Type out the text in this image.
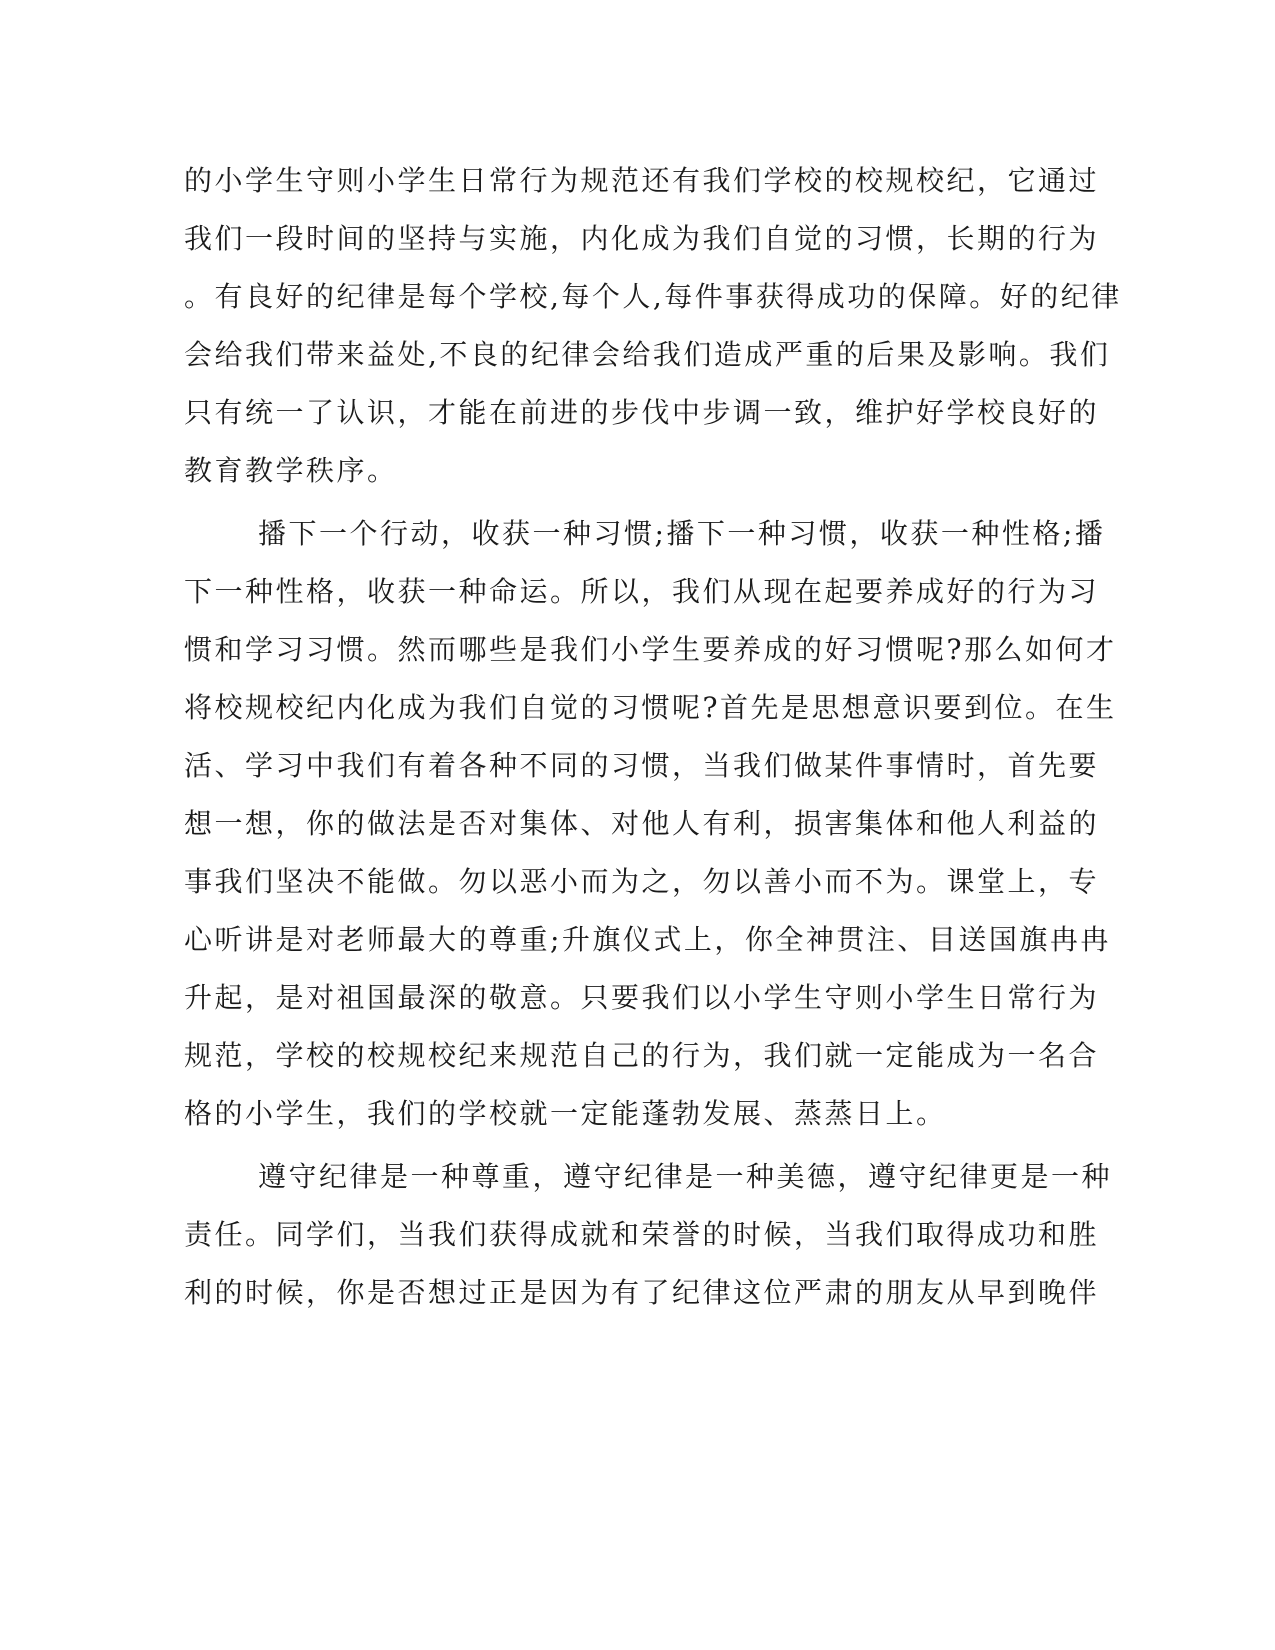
的小学生守则小学生日常行为规范还有我们学校的校规校纪，它通过
我们一段时间的坚持与实施，内化成为我们自觉的习惯，长期的行为
。有良好的纪律是每个学校,每个人,每件事获得成功的保障。好的纪律
会给我们带来益处,不良的纪律会给我们造成严重的后果及影响。我们
只有统一了认识，才能在前进的步伐中步调一致，维护好学校良好的
教育教学秩序。
播下一个行动，收获一种习惯;播下一种习惯，收获一种性格;播
下一种性格，收获一种命运。所以，我们从现在起要养成好的行为习
惯和学习习惯。然而哪些是我们小学生要养成的好习惯呢?那么如何才
将校规校纪内化成为我们自觉的习惯呢?首先是思想意识要到位。在生
活、学习中我们有着各种不同的习惯，当我们做某件事情时，首先要
想一想，你的做法是否对集体、对他人有利，损害集体和他人利益的
事我们坚决不能做。勿以恶小而为之，勿以善小而不为。课堂上，专
心听讲是对老师最大的尊重;升旗仪式上，你全神贯注、目送国旗冉冉
升起，是对祖国最深的敬意。只要我们以小学生守则小学生日常行为
规范，学校的校规校纪来规范自己的行为，我们就一定能成为一名合
格的小学生，我们的学校就一定能蓬勃发展、蒸蒸日上。
遵守纪律是一种尊重，遵守纪律是一种美德，遵守纪律更是一种
责任。同学们，当我们获得成就和荣誉的时候，当我们取得成功和胜
利的时候，你是否想过正是因为有了纪律这位严肃的朋友从早到晚伴
